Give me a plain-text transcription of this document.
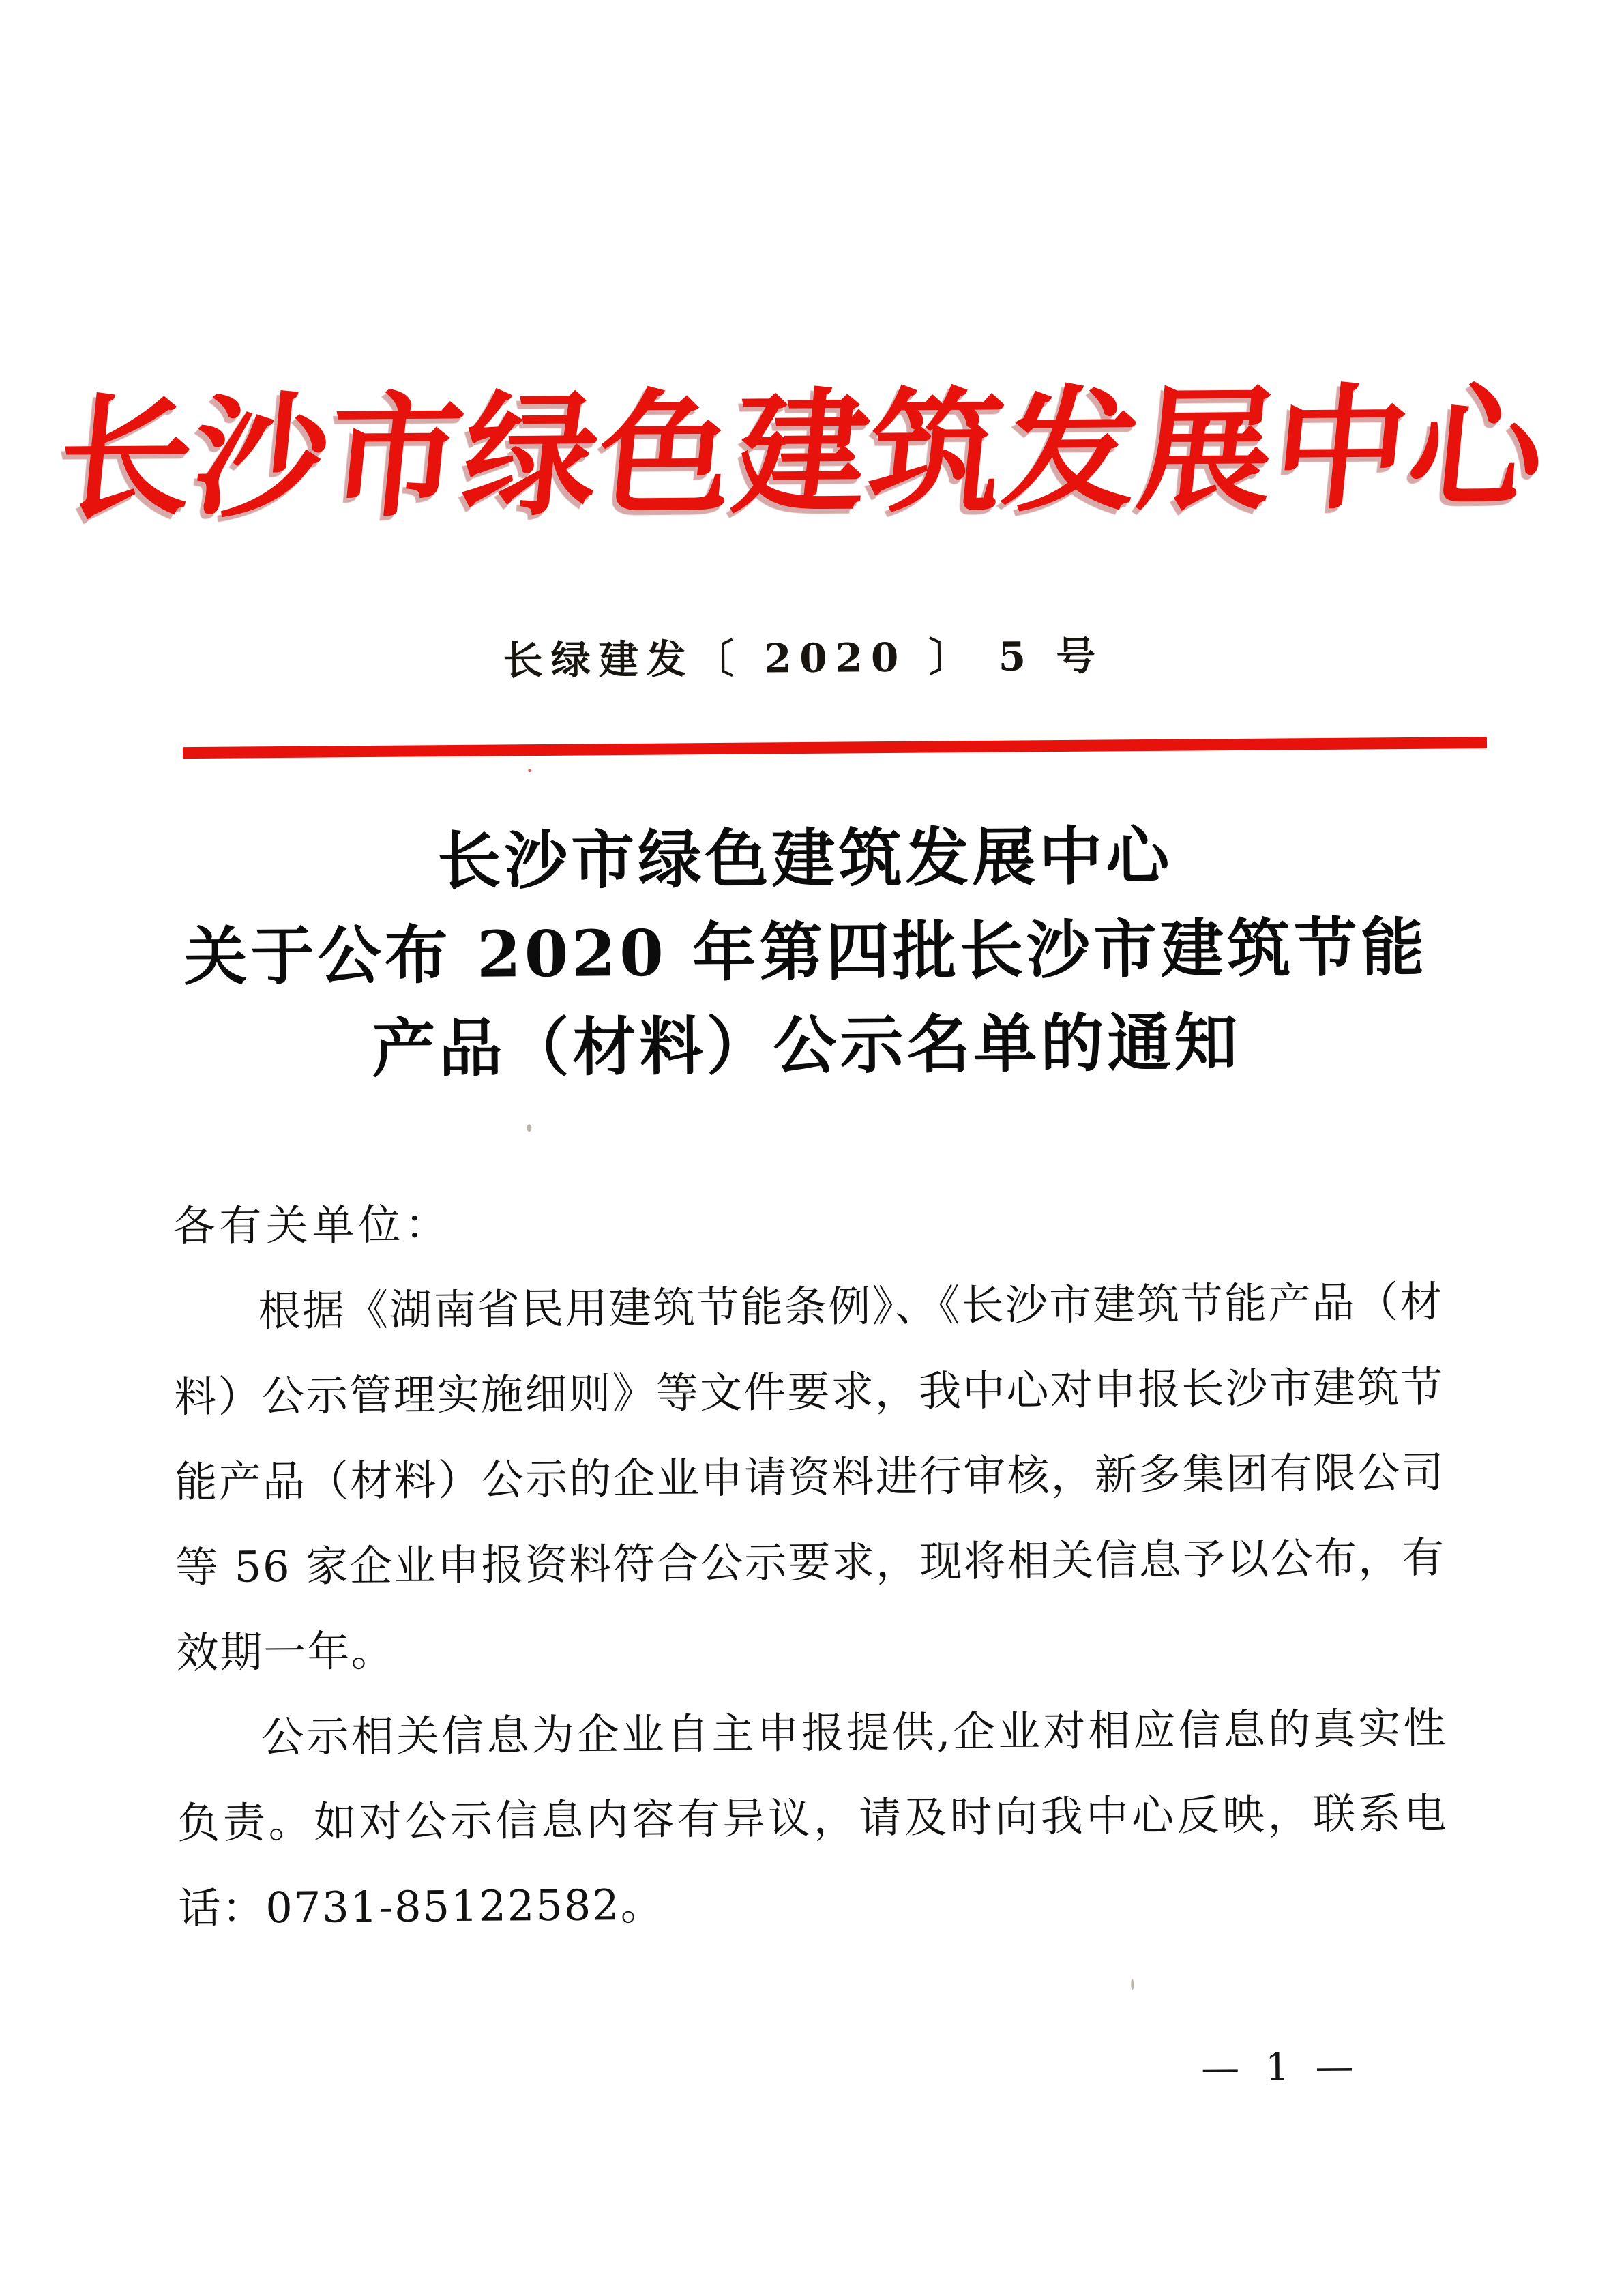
长沙市绿色建筑发展中心
长绿建发〔 2020 〕 5 号
长沙市绿色建筑发展中心
关于公布 2020 年第四批长沙市建筑节能
产品（材料）公示名单的通知

各有关单位：

根据《湖南省民用建筑节能条例》、《长沙市建筑节能产品（材料）公示管理实施细则》等文件要求，我中心对申报长沙市建筑节能产品（材料）公示的企业申请资料进行审核，新多集团有限公司等 56 家企业申报资料符合公示要求，现将相关信息予以公布，有效期一年。

公示相关信息为企业自主申报提供,企业对相应信息的真实性负责。如对公示信息内容有异议，请及时向我中心反映，联系电话：0731-85122582。

— 1 —
